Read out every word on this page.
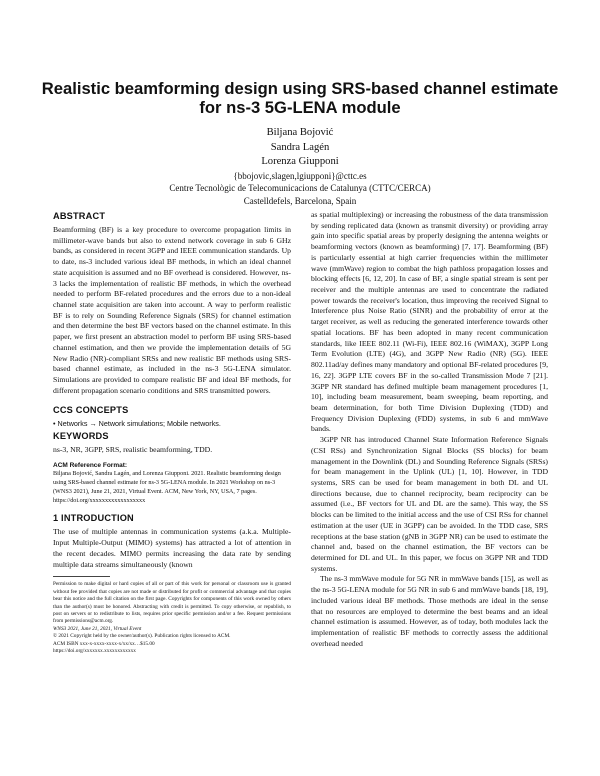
Realistic beamforming design using SRS-based channel estimate for ns-3 5G-LENA module
Biljana Bojović
Sandra Lagén
Lorenza Giupponi
{bbojovic,slagen,lgiupponi}@cttc.es
Centre Tecnològic de Telecomunicacions de Catalunya (CTTC/CERCA)
Castelldefels, Barcelona, Spain
ABSTRACT

Beamforming (BF) is a key procedure to overcome propagation limits in millimeter-wave bands but also to extend network coverage in sub 6 GHz bands, as considered in recent 3GPP and IEEE communication standards. Up to date, ns-3 included various ideal BF methods, in which an ideal channel state acquisition is assumed and no BF overhead is considered. However, ns-3 lacks the implementation of realistic BF methods, in which the overhead needed to perform BF-related procedures and the errors due to a non-ideal channel state acquisition are taken into account. A way to perform realistic BF is to rely on Sounding Reference Signals (SRS) for channel estimation and then determine the best BF vectors based on the channel estimate. In this paper, we first present an abstraction model to perform BF using SRS-based channel estimation, and then we provide the implementation details of 5G New Radio (NR)-compliant SRSs and new realistic BF methods using SRS-based channel estimate, as included in the ns-3 5G-LENA simulator. Simulations are provided to compare realistic BF and ideal BF methods, for different propagation scenario conditions and SRS transmitted powers.

CCS CONCEPTS

• Networks → Network simulations; Mobile networks.

KEYWORDS

ns-3, NR, 3GPP, SRS, realistic beamforming, TDD.

ACM Reference Format:

Biljana Bojović, Sandra Lagén, and Lorenza Giupponi. 2021. Realistic beamforming design using SRS-based channel estimate for ns-3 5G-LENA module. In 2021 Workshop on ns-3 (WNS3 2021), June 21, 2021, Virtual Event. ACM, New York, NY, USA, 7 pages. https://doi.org/xxxxxxxxxxxxxxxxxx

1 INTRODUCTION

The use of multiple antennas in communication systems (a.k.a. Multiple-Input Multiple-Output (MIMO) systems) has attracted a lot of attention in the recent decades. MIMO permits increasing the data rate by sending multiple data streams simultaneously (known

Permission to make digital or hard copies of all or part of this work for personal or classroom use is granted without fee provided that copies are not made or distributed for profit or commercial advantage and that copies bear this notice and the full citation on the first page. Copyrights for components of this work owned by others than the author(s) must be honored. Abstracting with credit is permitted. To copy otherwise, or republish, to post on servers or to redistribute to lists, requires prior specific permission and/or a fee. Request permissions from permissions@acm.org.

WNS3 2021, June 21, 2021, Virtual Event

© 2021 Copyright held by the owner/author(s). Publication rights licensed to ACM.

ACM ISBN xxx-x-xxxx-xxxx-x/xx/xx…$15.00

https://doi.org/xxxxxxx.xxxxxxxxxxxx

as spatial multiplexing) or increasing the robustness of the data transmission by sending replicated data (known as transmit diversity) or providing array gain into specific spatial areas by properly designing the antenna weights or beamforming vectors (known as beamforming) [7, 17]. Beamforming (BF) is particularly essential at high carrier frequencies within the millimeter wave (mmWave) region to combat the high pathloss propagation losses and blocking effects [6, 12, 20]. In case of BF, a single spatial stream is sent per receiver and the multiple antennas are used to concentrate the radiated power towards the receiver's location, thus improving the received Signal to Interference plus Noise Ratio (SINR) and the probability of error at the target receiver, as well as reducing the generated interference towards other spatial locations. BF has been adopted in many recent communication standards, like IEEE 802.11 (Wi-Fi), IEEE 802.16 (WiMAX), 3GPP Long Term Evolution (LTE) (4G), and 3GPP New Radio (NR) (5G). IEEE 802.11ad/ay defines many mandatory and optional BF-related procedures [9, 16, 22]. 3GPP LTE covers BF in the so-called Transmission Mode 7 [21]. 3GPP NR standard has defined multiple beam management procedures [1, 10], including beam measurement, beam sweeping, beam reporting, and beam determination, for both Time Division Duplexing (TDD) and Frequency Division Duplexing (FDD) systems, in sub 6 and mmWave bands.

3GPP NR has introduced Channel State Information Reference Signals (CSI RSs) and Synchronization Signal Blocks (SS blocks) for beam management in the Downlink (DL) and Sounding Reference Signals (SRSs) for beam management in the Uplink (UL) [1, 10]. However, in TDD systems, SRS can be used for beam management in both DL and UL directions because, due to channel reciprocity, beam reciprocity can be assumed (i.e., BF vectors for UL and DL are the same). This way, the SS blocks can be limited to the initial access and the use of CSI RSs for channel estimation at the user (UE in 3GPP) can be avoided. In the TDD case, SRS receptions at the base station (gNB in 3GPP NR) can be used to estimate the channel and, based on the channel estimation, the BF vectors can be determined for DL and UL. In this paper, we focus on 3GPP NR and TDD systems.

The ns-3 mmWave module for 5G NR in mmWave bands [15], as well as the ns-3 5G-LENA module for 5G NR in sub 6 and mmWave bands [18, 19], included various ideal BF methods. Those methods are ideal in the sense that no resources are employed to determine the best beams and an ideal channel estimation is assumed. However, as of today, both modules lack the implementation of realistic BF methods to correctly assess the additional overhead needed
